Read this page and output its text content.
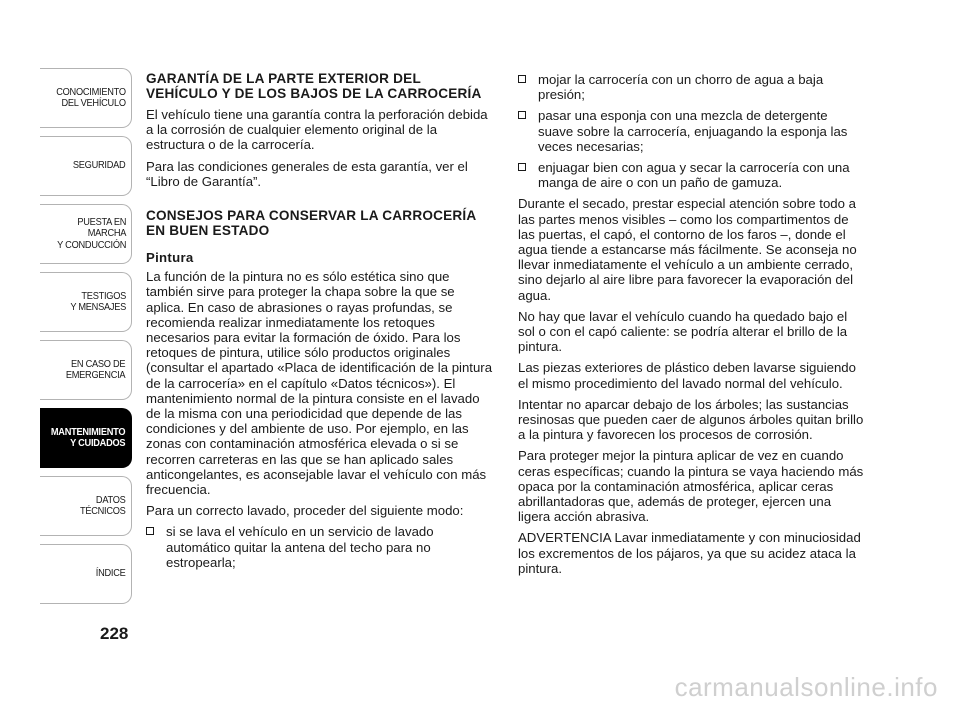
CONOCIMIENTO
DEL VEHÍCULO
SEGURIDAD
PUESTA EN
MARCHA
Y CONDUCCIÓN
TESTIGOS
Y MENSAJES
EN CASO DE
EMERGENCIA
MANTENIMIENTO
Y CUIDADOS
DATOS
TÉCNICOS
ÍNDICE
228
GARANTÍA DE LA PARTE EXTERIOR DEL VEHÍCULO Y DE LOS BAJOS DE LA CARROCERÍA

El vehículo tiene una garantía contra la perforación debida a la corrosión de cualquier elemento original de la estructura o de la carrocería.

Para las condiciones generales de esta garantía, ver el “Libro de Garantía”.

CONSEJOS PARA CONSERVAR LA CARROCERÍA EN BUEN ESTADO
Pintura

La función de la pintura no es sólo estética sino que también sirve para proteger la chapa sobre la que se aplica. En caso de abrasiones o rayas profundas, se recomienda realizar inmediatamente los retoques necesarios para evitar la formación de óxido. Para los retoques de pintura, utilice sólo productos originales (consultar el apartado «Placa de identificación de la pintura de la carrocería» en el capítulo «Datos técnicos»). El mantenimiento normal de la pintura consiste en el lavado de la misma con una periodicidad que depende de las condiciones y del ambiente de uso. Por ejemplo, en las zonas con contaminación atmosférica elevada o si se recorren carreteras en las que se han aplicado sales anticongelantes, es aconsejable lavar el vehículo con más frecuencia.

Para un correcto lavado, proceder del siguiente modo:

si se lava el vehículo en un servicio de lavado automático quitar la antena del techo para no estropearla;
mojar la carrocería con un chorro de agua a baja presión;
pasar una esponja con una mezcla de detergente suave sobre la carrocería, enjuagando la esponja las veces necesarias;
enjuagar bien con agua y secar la carrocería con una manga de aire o con un paño de gamuza.

Durante el secado, prestar especial atención sobre todo a las partes menos visibles – como los compartimentos de las puertas, el capó, el contorno de los faros –, donde el agua tiende a estancarse más fácilmente. Se aconseja no llevar inmediatamente el vehículo a un ambiente cerrado, sino dejarlo al aire libre para favorecer la evaporación del agua.

No hay que lavar el vehículo cuando ha quedado bajo el sol o con el capó caliente: se podría alterar el brillo de la pintura.

Las piezas exteriores de plástico deben lavarse siguiendo el mismo procedimiento del lavado normal del vehículo.

Intentar no aparcar debajo de los árboles; las sustancias resinosas que pueden caer de algunos árboles quitan brillo a la pintura y favorecen los procesos de corrosión.

Para proteger mejor la pintura aplicar de vez en cuando ceras específicas; cuando la pintura se vaya haciendo más opaca por la contaminación atmosférica, aplicar ceras abrillantadoras que, además de proteger, ejercen una ligera acción abrasiva.

ADVERTENCIA Lavar inmediatamente y con minuciosidad los excrementos de los pájaros, ya que su acidez ataca la pintura.

carmanualsonline.info
